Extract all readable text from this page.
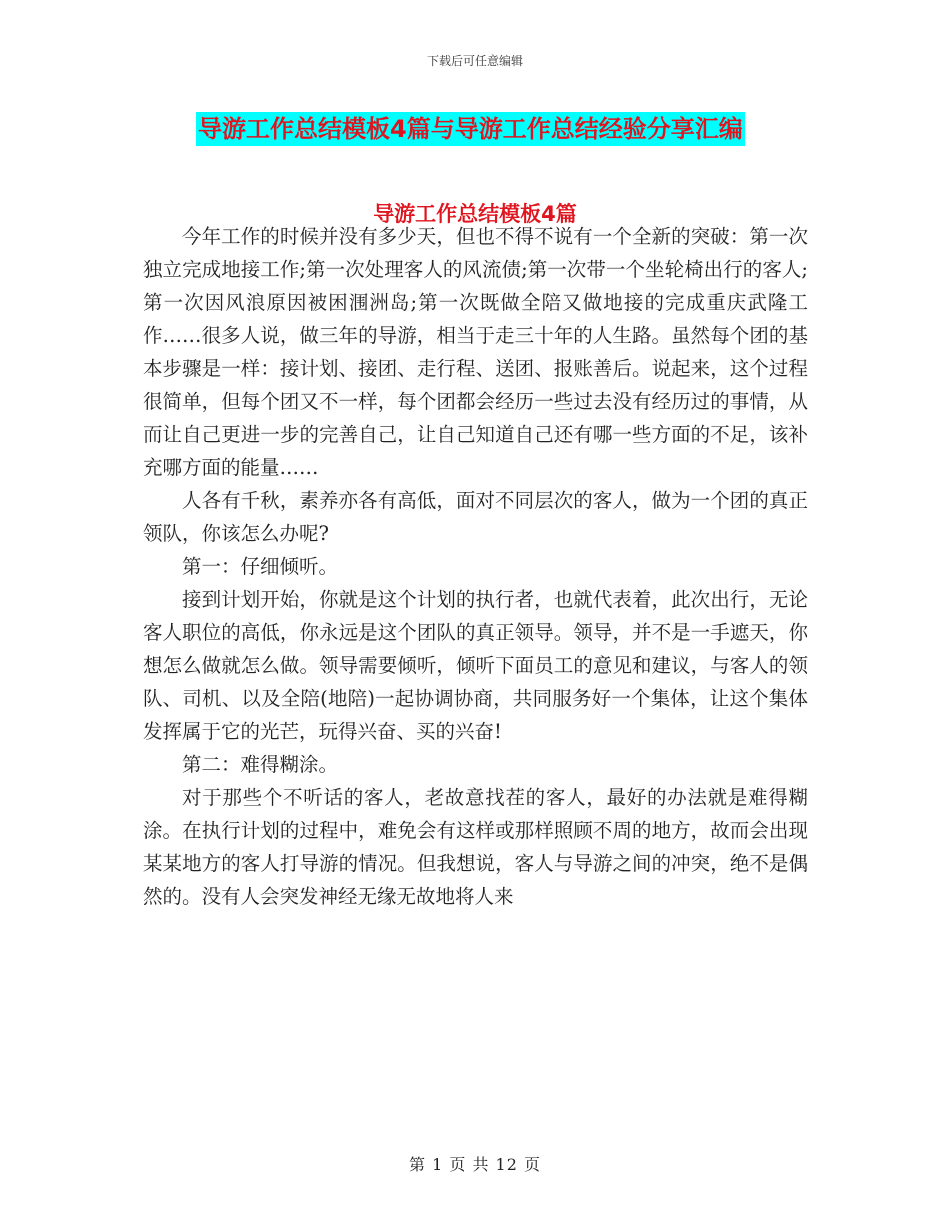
下载后可任意编辑
导游工作总结模板4篇与导游工作总结经验分享汇编
导游工作总结模板4篇

今年工作的时候并没有多少天，但也不得不说有一个全新的突破：第一次独立完成地接工作;第一次处理客人的风流债;第一次带一个坐轮椅出行的客人;第一次因风浪原因被困涠洲岛;第一次既做全陪又做地接的完成重庆武隆工作……很多人说，做三年的导游，相当于走三十年的人生路。虽然每个团的基本步骤是一样：接计划、接团、走行程、送团、报账善后。说起来，这个过程很简单，但每个团又不一样，每个团都会经历一些过去没有经历过的事情，从而让自己更进一步的完善自己，让自己知道自己还有哪一些方面的不足，该补充哪方面的能量……

人各有千秋，素养亦各有高低，面对不同层次的客人，做为一个团的真正领队，你该怎么办呢?

第一：仔细倾听。

接到计划开始，你就是这个计划的执行者，也就代表着，此次出行，无论客人职位的高低，你永远是这个团队的真正领导。领导，并不是一手遮天，你想怎么做就怎么做。领导需要倾听，倾听下面员工的意见和建议，与客人的领队、司机、以及全陪(地陪)一起协调协商，共同服务好一个集体，让这个集体发挥属于它的光芒，玩得兴奋、买的兴奋!

第二：难得糊涂。

对于那些个不听话的客人，老故意找茬的客人，最好的办法就是难得糊涂。在执行计划的过程中，难免会有这样或那样照顾不周的地方，故而会出现某某地方的客人打导游的情况。但我想说，客人与导游之间的冲突，绝不是偶然的。没有人会突发神经无缘无故地将人来

第 1 页 共 12 页
